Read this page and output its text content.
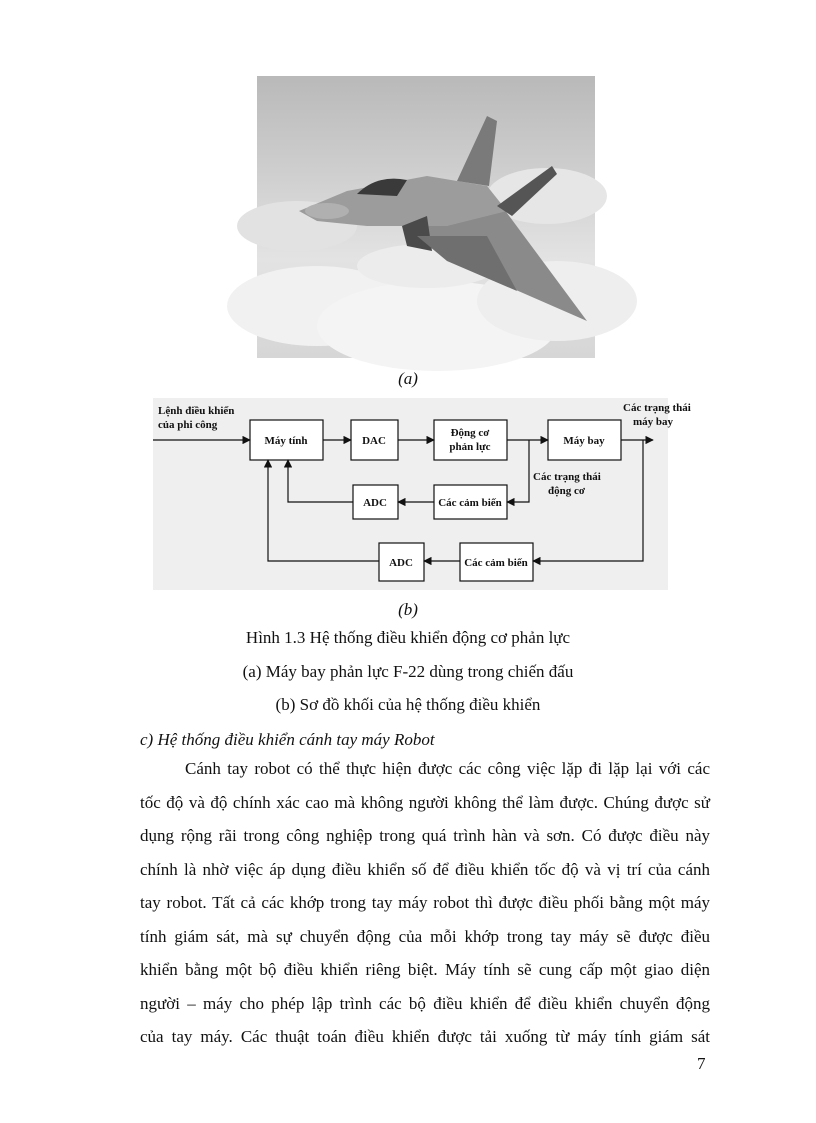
(a)
Lệnh điều khiển
của phi công
Máy tính	DAC
Động cơ
phản lực	Máy bay
Các trạng thái
máy bay
Các trạng thái
động cơ
ADC	Các cảm biến
ADC	Các cảm biến
(b)
Hình 1.3 Hệ thống điều khiển động cơ phản lực
(a) Máy bay phản lực F-22 dùng trong chiến đấu
(b) Sơ đồ khối của hệ thống điều khiển
c) Hệ thống điều khiển cánh tay máy Robot
Cánh tay robot có thể thực hiện được các công việc lặp đi lặp lại với các
tốc độ và độ chính xác cao mà không người không thể làm được. Chúng được sử
dụng rộng rãi trong công nghiệp trong quá trình hàn và sơn. Có được điều này
chính là nhờ việc áp dụng điều khiển số để điều khiển tốc độ và vị trí của cánh
tay robot. Tất cả các khớp trong tay máy robot thì được điều phối bằng một máy
tính giám sát, mà sự chuyển động của mỗi khớp trong tay máy sẽ được điều
khiển bằng một bộ điều khiển riêng biệt. Máy tính sẽ cung cấp một giao diện
người – máy cho phép lập trình các bộ điều khiển để điều khiển chuyển động
của tay máy. Các thuật toán điều khiển được tải xuống từ máy tính giám sát
7
